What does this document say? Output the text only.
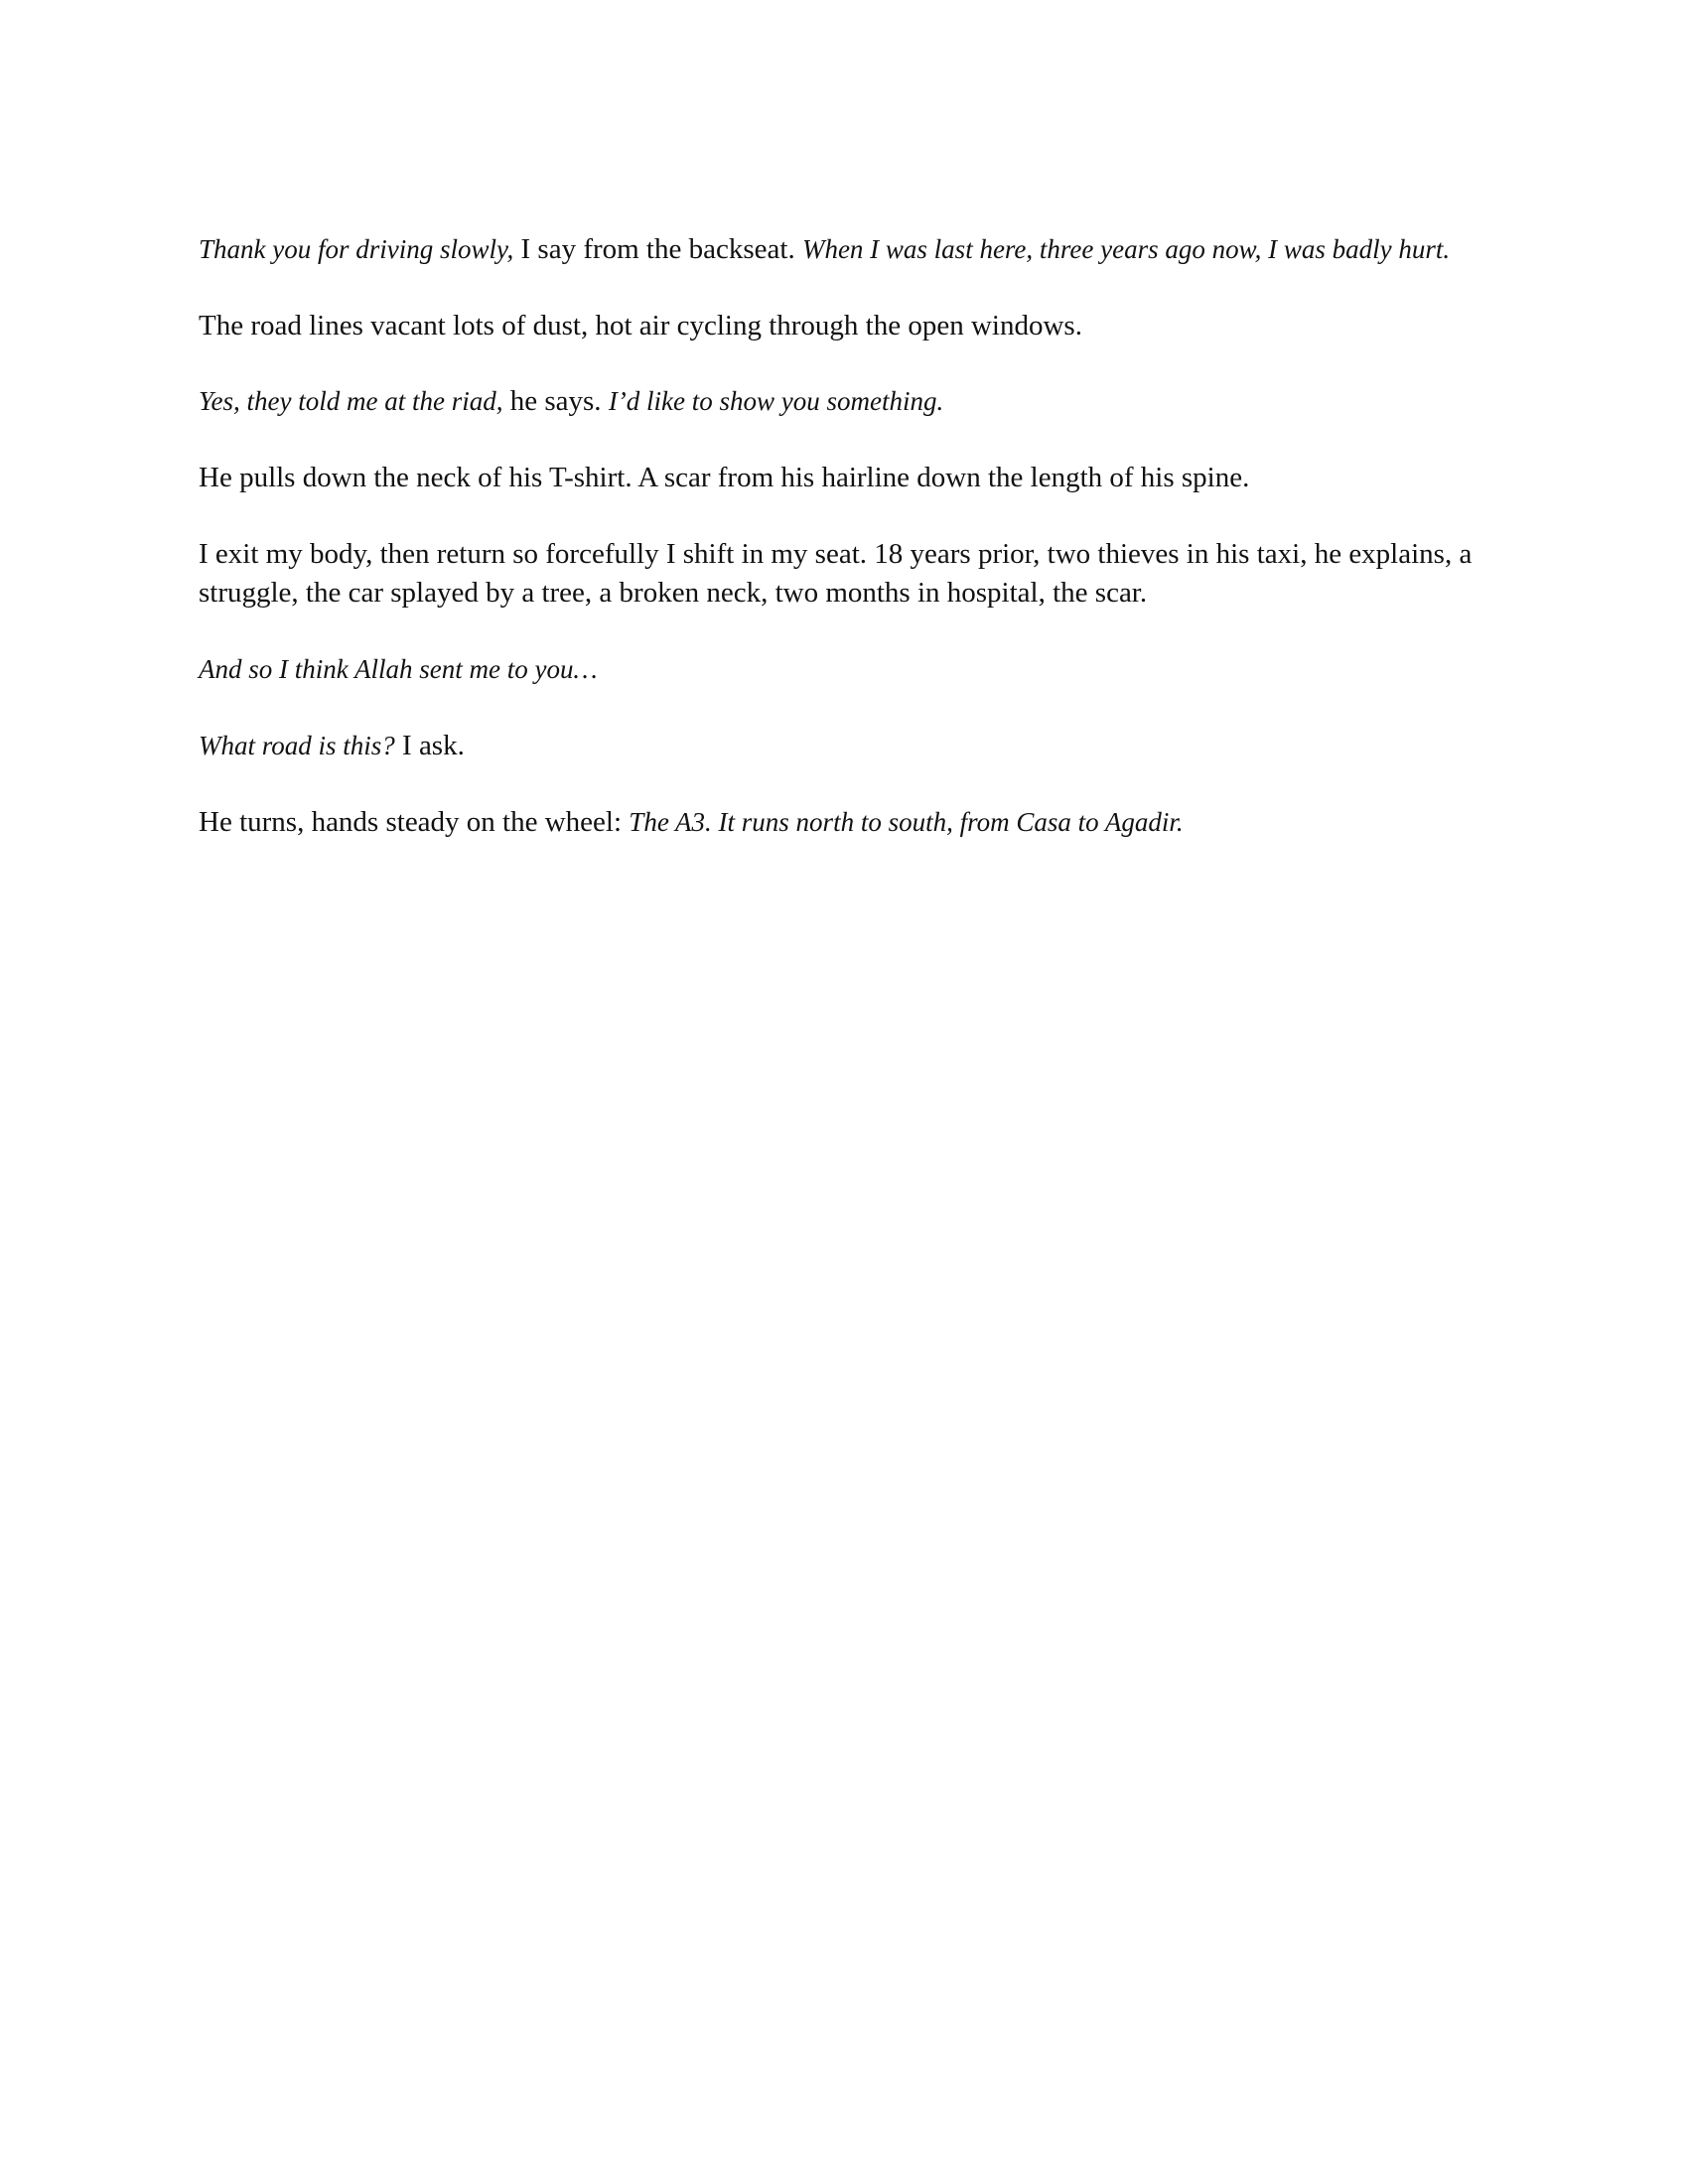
Thank you for driving slowly, I say from the backseat. When I was last here, three years ago now, I was badly hurt.

The road lines vacant lots of dust, hot air cycling through the open windows.

Yes, they told me at the riad, he says. I’d like to show you something.

He pulls down the neck of his T-shirt. A scar from his hairline down the length of his spine.

I exit my body, then return so forcefully I shift in my seat. 18 years prior, two thieves in his taxi, he explains, a struggle, the car splayed by a tree, a broken neck, two months in hospital, the scar.

And so I think Allah sent me to you…

What road is this? I ask.

He turns, hands steady on the wheel: The A3. It runs north to south, from Casa to Agadir.
